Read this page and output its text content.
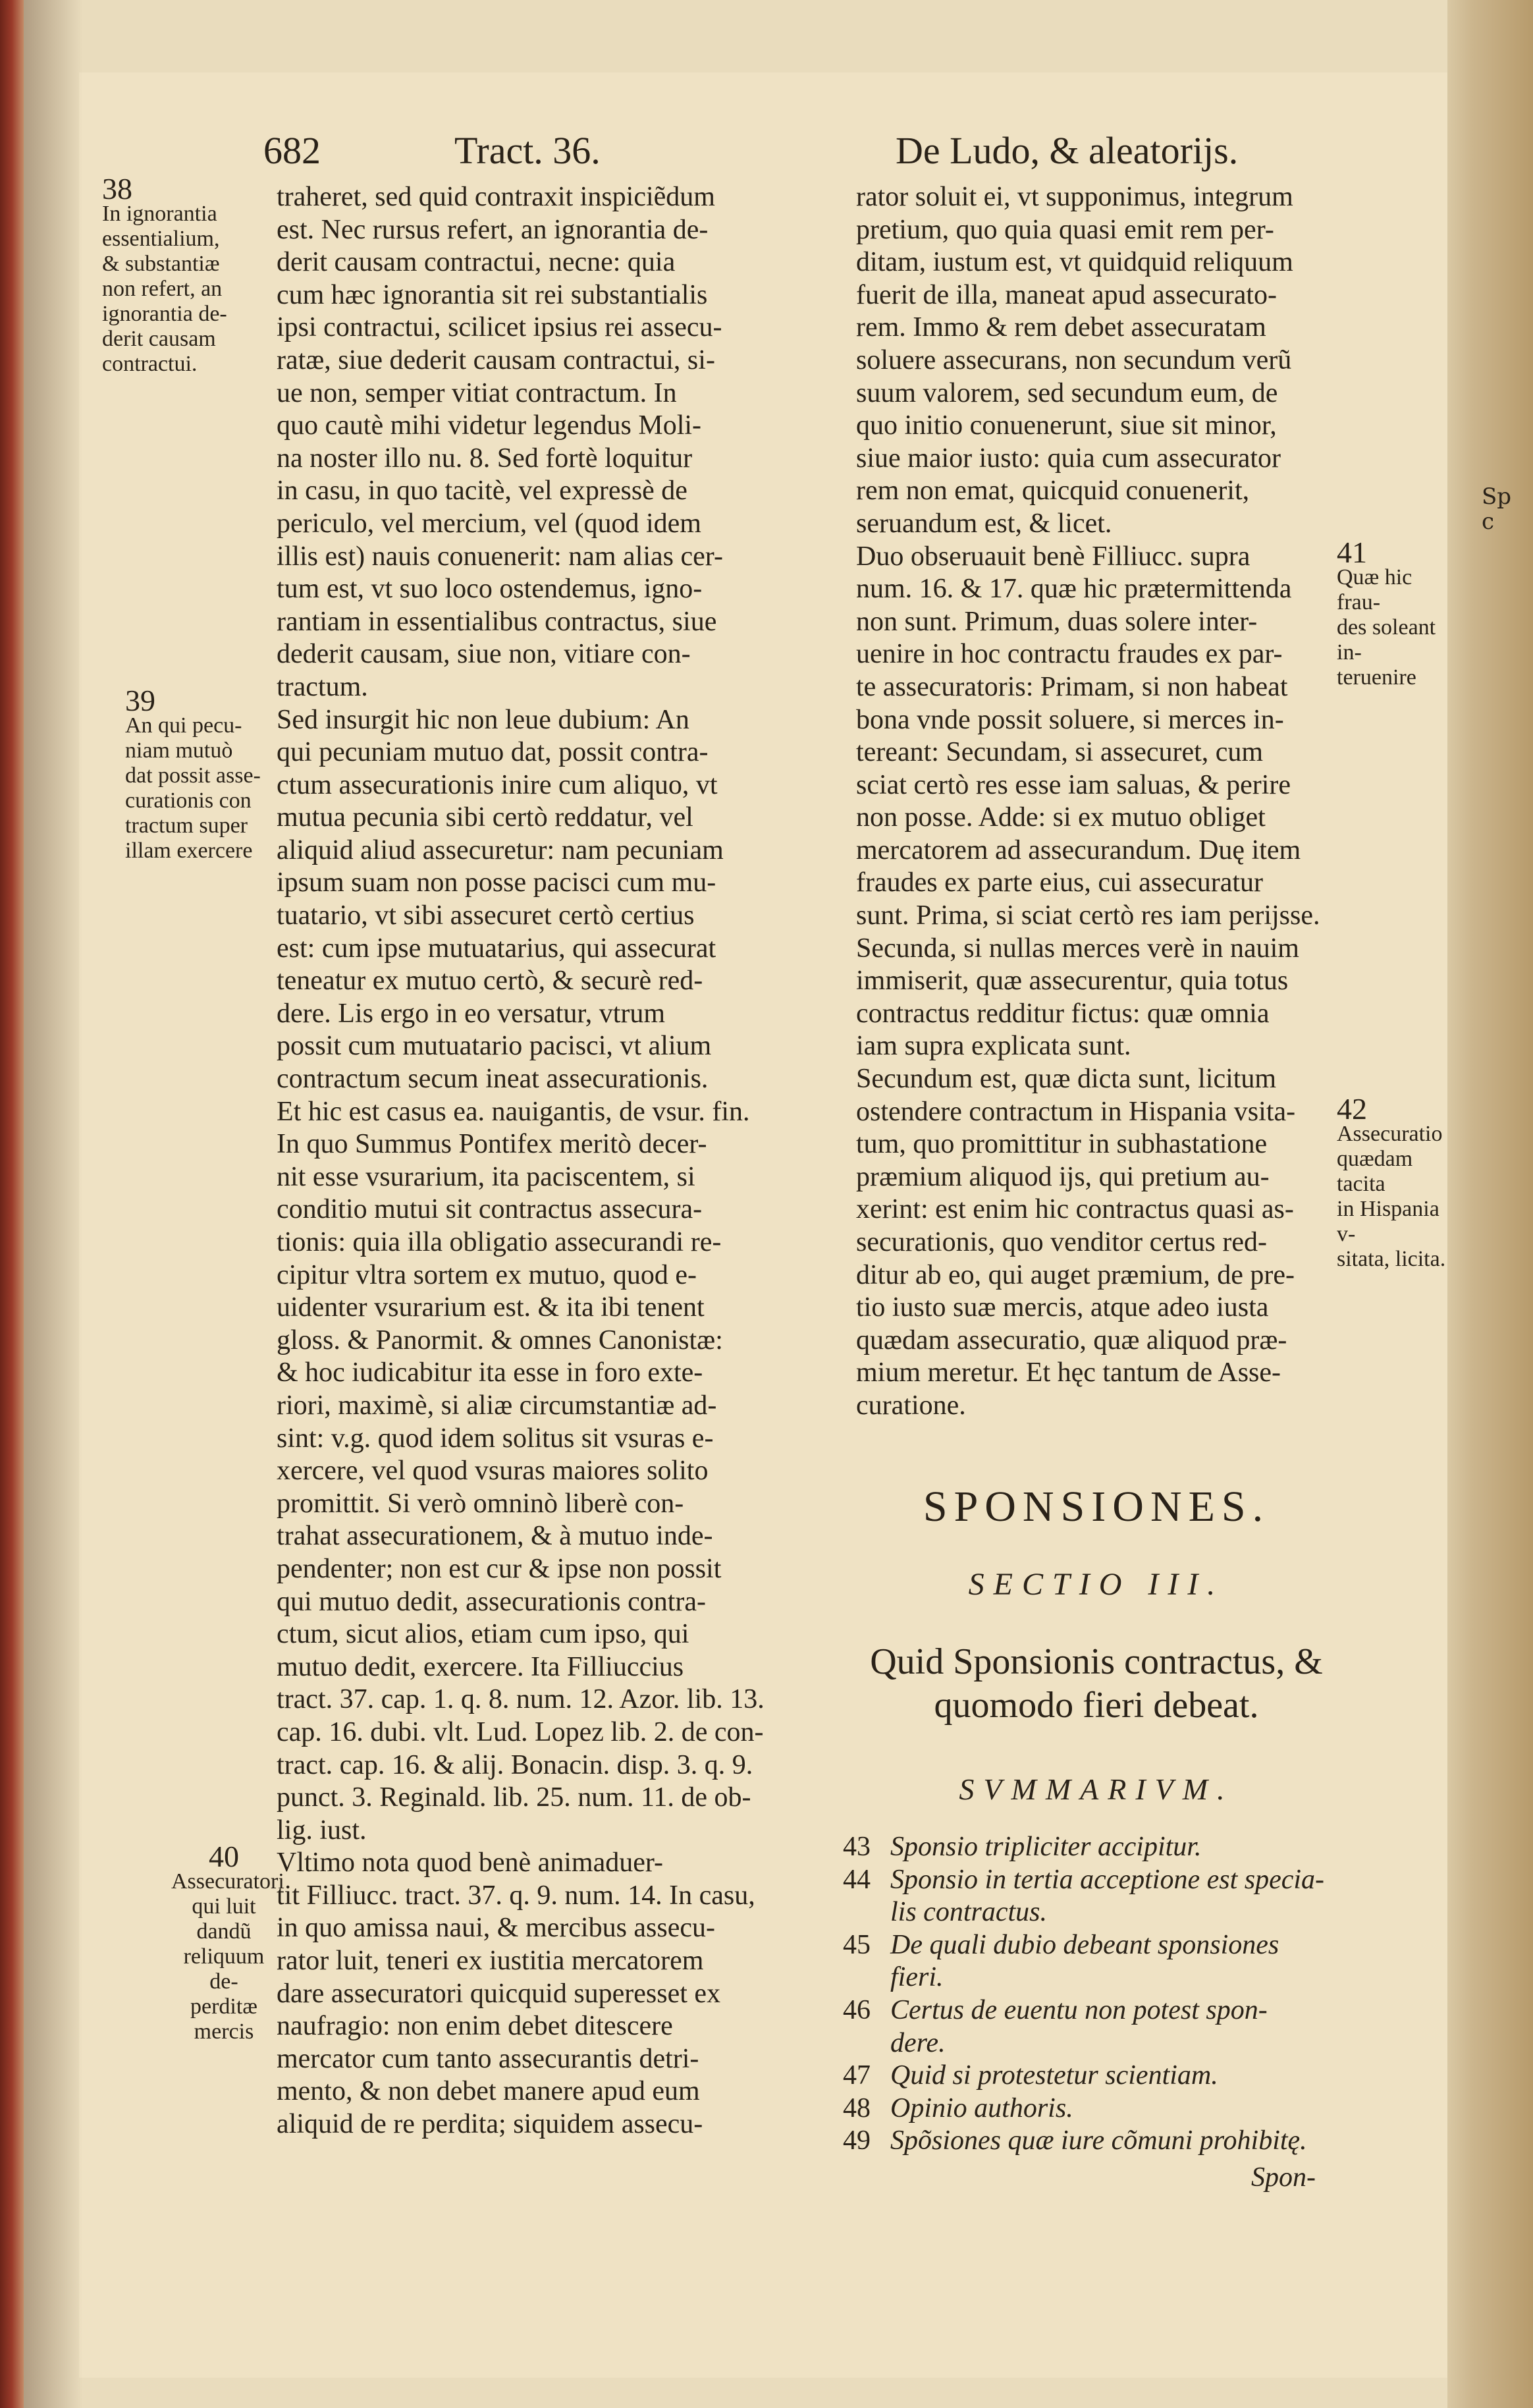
682	Tract. 36.	De Ludo, & aleatorijs.
traheret, sed quid contraxit inspiciẽdum
est. Nec rursus refert, an ignorantia de-
derit causam contractui, necne: quia
cum hæc ignorantia sit rei substantialis
ipsi contractui, scilicet ipsius rei assecu-
ratæ, siue dederit causam contractui, si-
ue non, semper vitiat contractum. In
quo cautè mihi videtur legendus Moli-
na noster illo nu. 8. Sed fortè loquitur
in casu, in quo tacitè, vel expressè de
periculo, vel mercium, vel (quod idem
illis est) nauis conuenerit: nam alias cer-
tum est, vt suo loco ostendemus, igno-
rantiam in essentialibus contractus, siue
dederit causam, siue non, vitiare con-
tractum.
Sed insurgit hic non leue dubium: An
qui pecuniam mutuo dat, possit contra-
ctum assecurationis inire cum aliquo, vt
mutua pecunia sibi certò reddatur, vel
aliquid aliud assecuretur: nam pecuniam
ipsum suam non posse pacisci cum mu-
tuatario, vt sibi assecuret certò certius
est: cum ipse mutuatarius, qui assecurat
teneatur ex mutuo certò, & securè red-
dere. Lis ergo in eo versatur, vtrum
possit cum mutuatario pacisci, vt alium
contractum secum ineat assecurationis.
Et hic est casus ea. nauigantis, de vsur. fin.
In quo Summus Pontifex meritò decer-
nit esse vsurarium, ita paciscentem, si
conditio mutui sit contractus assecura-
tionis: quia illa obligatio assecurandi re-
cipitur vltra sortem ex mutuo, quod e-
uidenter vsurarium est. & ita ibi tenent
gloss. & Panormit. & omnes Canonistæ:
& hoc iudicabitur ita esse in foro exte-
riori, maximè, si aliæ circumstantiæ ad-
sint: v.g. quod idem solitus sit vsuras e-
xercere, vel quod vsuras maiores solito
promittit. Si verò omninò liberè con-
trahat assecurationem, & à mutuo inde-
pendenter; non est cur & ipse non possit
qui mutuo dedit, assecurationis contra-
ctum, sicut alios, etiam cum ipso, qui
mutuo dedit, exercere. Ita Filliuccius
tract. 37. cap. 1. q. 8. num. 12. Azor. lib. 13.
cap. 16. dubi. vlt. Lud. Lopez lib. 2. de con-
tract. cap. 16. & alij. Bonacin. disp. 3. q. 9.
punct. 3. Reginald. lib. 25. num. 11. de ob-
lig. iust.
Vltimo nota quod benè animaduer-
tit Filliucc. tract. 37. q. 9. num. 14. In casu,
in quo amissa naui, & mercibus assecu-
rator luit, teneri ex iustitia mercatorem
dare assecuratori quicquid superesset ex
naufragio: non enim debet ditescere
mercator cum tanto assecurantis detri-
mento, & non debet manere apud eum
aliquid de re perdita; siquidem assecu-
rator soluit ei, vt supponimus, integrum
pretium, quo quia quasi emit rem per-
ditam, iustum est, vt quidquid reliquum
fuerit de illa, maneat apud assecurato-
rem. Immo & rem debet assecuratam
soluere assecurans, non secundum verũ
suum valorem, sed secundum eum, de
quo initio conuenerunt, siue sit minor,
siue maior iusto: quia cum assecurator
rem non emat, quicquid conuenerit,
seruandum est, & licet.
Duo obseruauit benè Filliucc. supra
num. 16. & 17. quæ hic prætermittenda
non sunt. Primum, duas solere inter-
uenire in hoc contractu fraudes ex par-
te assecuratoris: Primam, si non habeat
bona vnde possit soluere, si merces in-
tereant: Secundam, si assecuret, cum
sciat certò res esse iam saluas, & perire
non posse. Adde: si ex mutuo obliget
mercatorem ad assecurandum. Duę item
fraudes ex parte eius, cui assecuratur
sunt. Prima, si sciat certò res iam perijsse.
Secunda, si nullas merces verè in nauim
immiserit, quæ assecurentur, quia totus
contractus redditur fictus: quæ omnia
iam supra explicata sunt.
Secundum est, quæ dicta sunt, licitum
ostendere contractum in Hispania vsita-
tum, quo promittitur in subhastatione
præmium aliquod ijs, qui pretium au-
xerint: est enim hic contractus quasi as-
securationis, quo venditor certus red-
ditur ab eo, qui auget præmium, de pre-
tio iusto suæ mercis, atque adeo iusta
quædam assecuratio, quæ aliquod præ-
mium meretur. Et hęc tantum de Asse-
curatione.
38
In ignorantia
essentialium,
& substantiæ
non refert, an
ignorantia de-
derit causam
contractui.
39
An qui pecu-
niam mutuò
dat possit asse-
curationis con
tractum super
illam exercere
40
Assecuratori
qui luit dandũ
reliquum de-
perditæ mercis
41
Quæ hic frau-
des soleant in-
teruenire
42
Assecuratio
quædam tacita
in Hispania v-
sitata, licita.
Sp
c
SPONSIONES.
SECTIO III.
Quid Sponsionis contractus, & quomodo fieri debeat.
SVMMARIVM.
43 Sponsio tripliciter accipitur.
44 Sponsio in tertia acceptione est specia-
lis contractus.
45 De quali dubio debeant sponsiones
fieri.
46 Certus de euentu non potest spon-
dere.
47 Quid si protestetur scientiam.
48 Opinio authoris.
49 Spõsiones quæ iure cõmuni prohibitę.
Spon-
